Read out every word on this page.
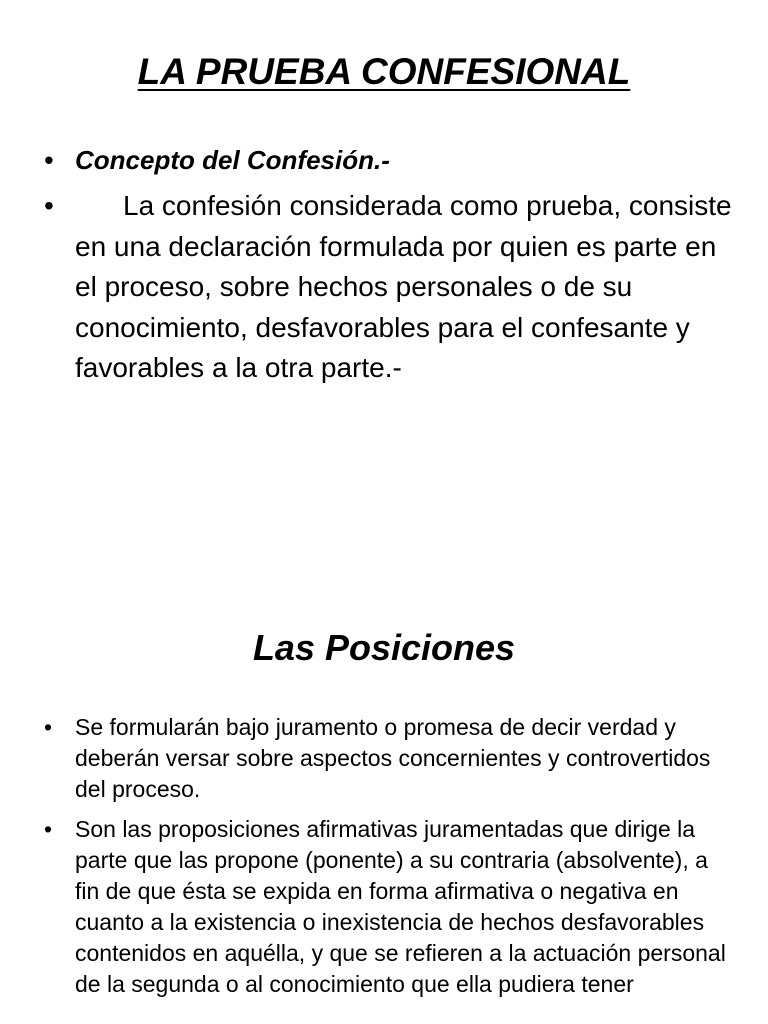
LA PRUEBA CONFESIONAL
• Concepto del Confesión.-
• La confesión considerada como prueba, consiste en una declaración formulada por quien es parte en el proceso, sobre hechos personales o de su conocimiento, desfavorables para el confesante y favorables a la otra parte.-
Las Posiciones
• Se formularán bajo juramento o promesa de decir verdad y deberán versar sobre aspectos concernientes y controvertidos del proceso.
• Son las proposiciones afirmativas juramentadas que dirige la parte que las propone (ponente) a su contraria (absolvente), a fin de que ésta se expida en forma afirmativa o negativa en cuanto a la existencia o inexistencia de hechos desfavorables contenidos en aquélla, y que se refieren a la actuación personal de la segunda o al conocimiento que ella pudiera tener
